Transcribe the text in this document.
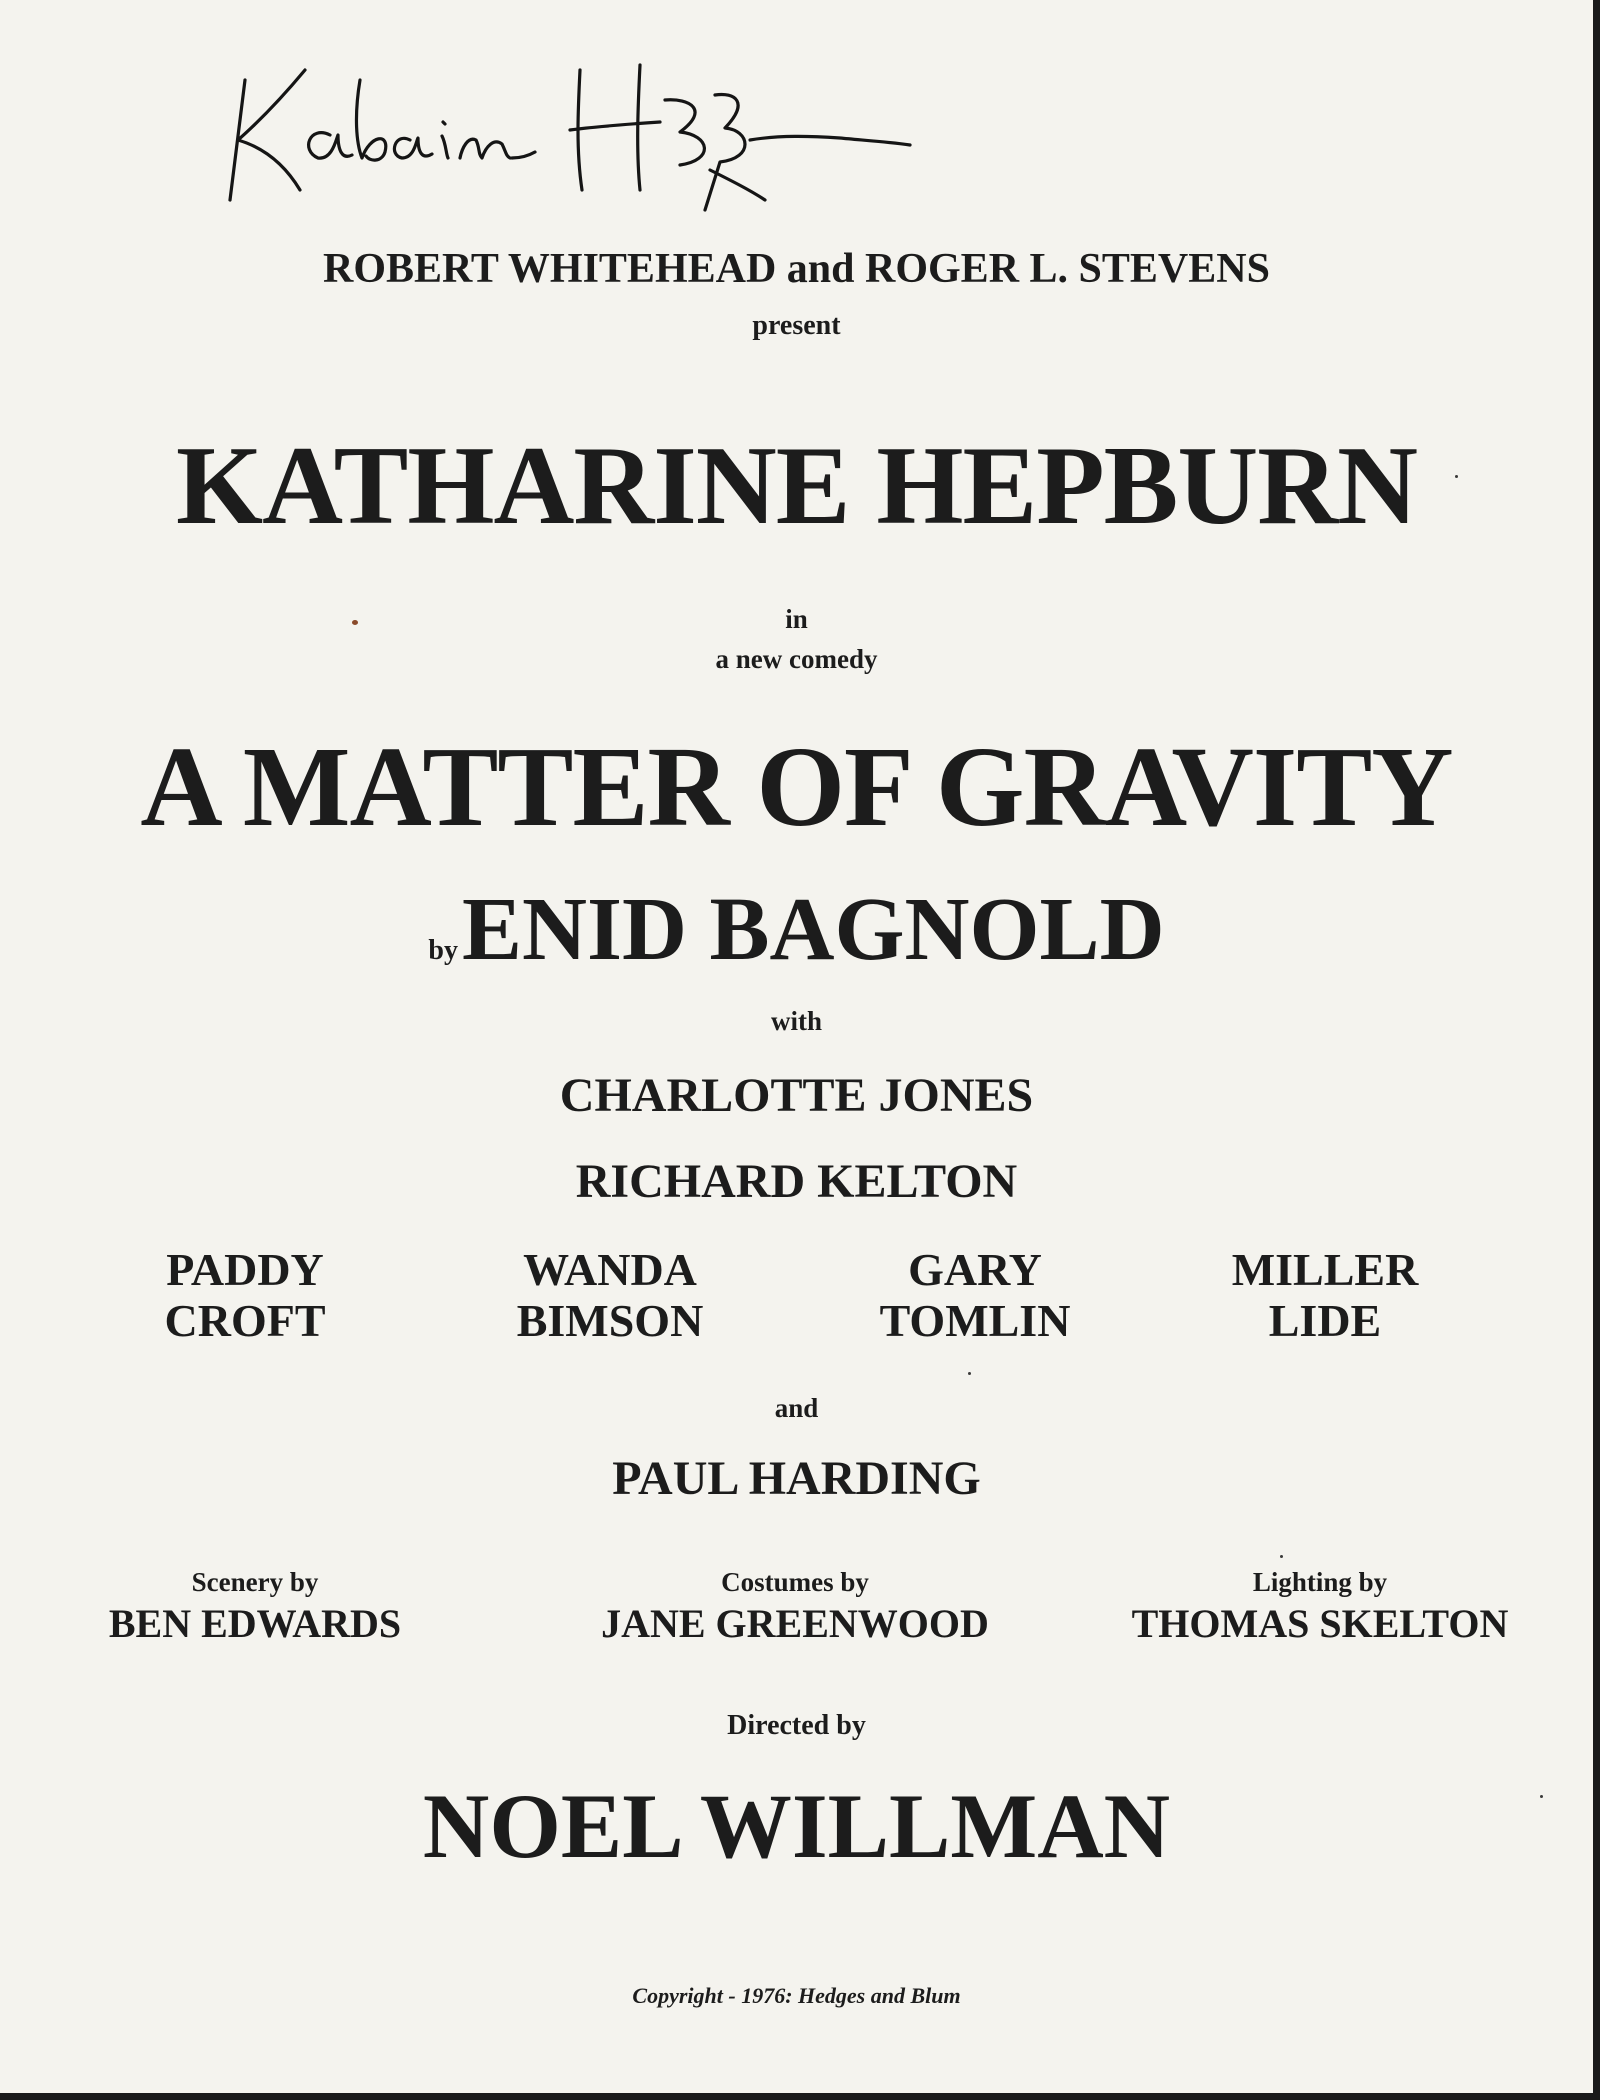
ROBERT WHITEHEAD and ROGER L. STEVENS
present
KATHARINE HEPBURN
in
a new comedy
A MATTER OF GRAVITY
byENID BAGNOLD
with
CHARLOTTE JONES
RICHARD KELTON
PADDY
CROFT
WANDA
BIMSON
GARY
TOMLIN
MILLER
LIDE
and
PAUL HARDING
Scenery by
BEN EDWARDS
Costumes by
JANE GREENWOOD
Lighting by
THOMAS SKELTON
Directed by
NOEL WILLMAN
Copyright - 1976: Hedges and Blum
